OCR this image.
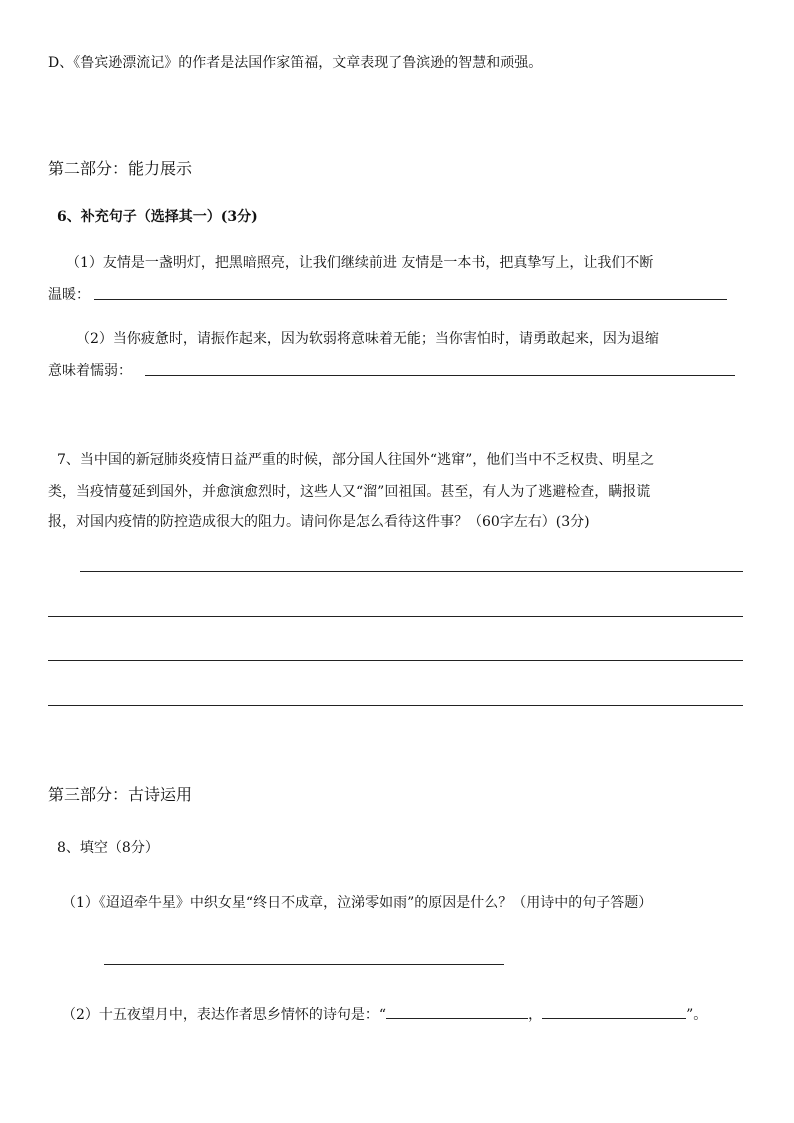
D、《鲁宾逊漂流记》的作者是法国作家笛福，文章表现了鲁滨逊的智慧和顽强。
第二部分：能力展示
6、补充句子（选择其一）(3分)
（1）友情是一盏明灯，把黑暗照亮，让我们继续前进 友情是一本书，把真挚写上，让我们不断
温暖：
（2）当你疲惫时，请振作起来，因为软弱将意味着无能；当你害怕时，请勇敢起来，因为退缩
意味着懦弱：
7、当中国的新冠肺炎疫情日益严重的时候，部分国人往国外“逃窜”，他们当中不乏权贵、明星之
类，当疫情蔓延到国外，并愈演愈烈时，这些人又“溜”回祖国。甚至，有人为了逃避检查，瞒报谎
报，对国内疫情的防控造成很大的阻力。请问你是怎么看待这件事？（60字左右）(3分)
第三部分：古诗运用
8、填空（8分）
（1）《迢迢牵牛星》中织女星“终日不成章，泣涕零如雨”的原因是什么？（用诗中的句子答题）
（2）十五夜望月中，表达作者思乡情怀的诗句是：“	，	”。
